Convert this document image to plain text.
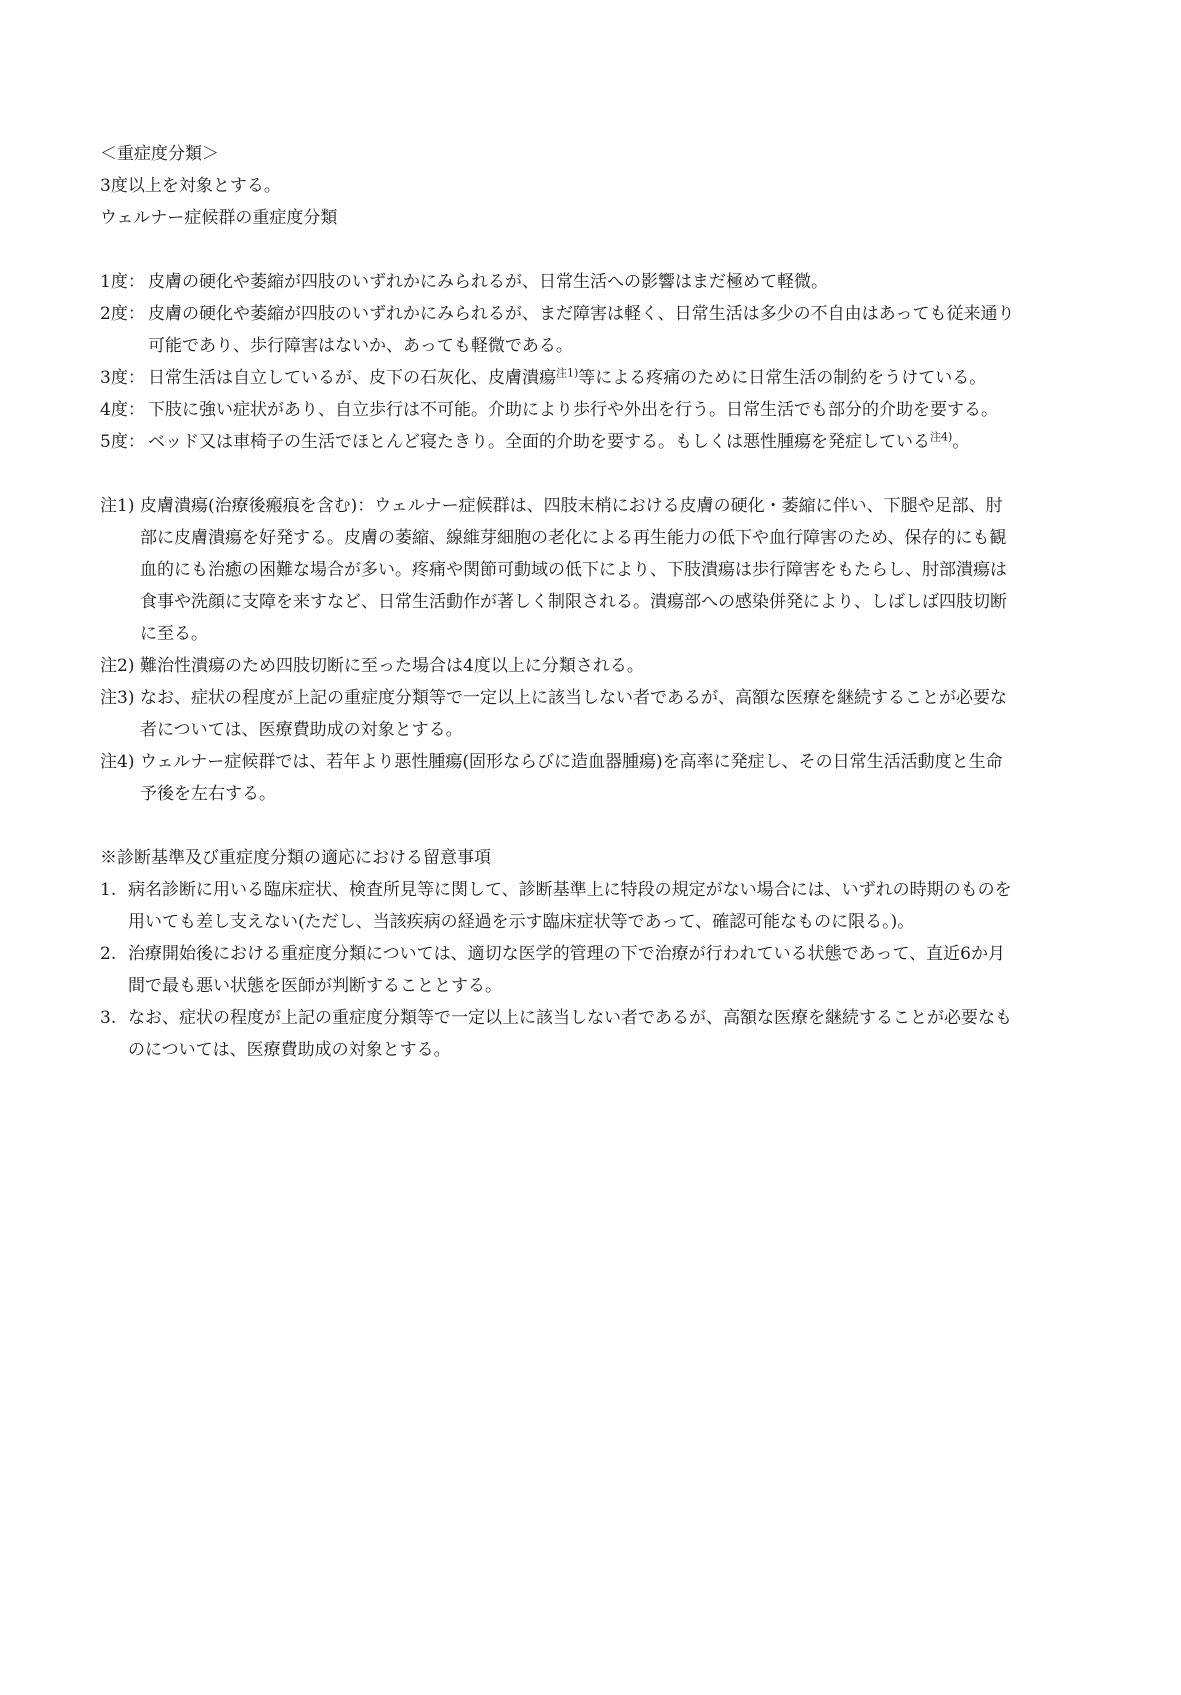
＜重症度分類＞
3度以上を対象とする。
ウェルナー症候群の重症度分類
1度： 皮膚の硬化や萎縮が四肢のいずれかにみられるが、日常生活への影響はまだ極めて軽微。
2度： 皮膚の硬化や萎縮が四肢のいずれかにみられるが、まだ障害は軽く、日常生活は多少の不自由はあっても従来通り可能であり、歩行障害はないか、あっても軽微である。
3度： 日常生活は自立しているが、皮下の石灰化、皮膚潰瘍$^{注1)}$等による疼痛のために日常生活の制約をうけている。
4度： 下肢に強い症状があり、自立歩行は不可能。介助により歩行や外出を行う。日常生活でも部分的介助を要する。
5度： ベッド又は車椅子の生活でほとんど寝たきり。全面的介助を要する。もしくは悪性腫瘍を発症している$^{注4)}$。
注1) 皮膚潰瘍(治療後瘢痕を含む)：ウェルナー症候群は、四肢末梢における皮膚の硬化・萎縮に伴い、下腿や足部、肘部に皮膚潰瘍を好発する。皮膚の萎縮、線維芽細胞の老化による再生能力の低下や血行障害のため、保存的にも観血的にも治癒の困難な場合が多い。疼痛や関節可動域の低下により、下肢潰瘍は歩行障害をもたらし、肘部潰瘍は食事や洗顔に支障を来すなど、日常生活動作が著しく制限される。潰瘍部への感染併発により、しばしば四肢切断に至る。
注2) 難治性潰瘍のため四肢切断に至った場合は4度以上に分類される。
注3) なお、症状の程度が上記の重症度分類等で一定以上に該当しない者であるが、高額な医療を継続することが必要な者については、医療費助成の対象とする。
注4) ウェルナー症候群では、若年より悪性腫瘍(固形ならびに造血器腫瘍)を高率に発症し、その日常生活活動度と生命予後を左右する。
※診断基準及び重症度分類の適応における留意事項
1. 病名診断に用いる臨床症状、検査所見等に関して、診断基準上に特段の規定がない場合には、いずれの時期のものを用いても差し支えない(ただし、当該疾病の経過を示す臨床症状等であって、確認可能なものに限る。)。
2. 治療開始後における重症度分類については、適切な医学的管理の下で治療が行われている状態であって、直近6か月間で最も悪い状態を医師が判断することとする。
3. なお、症状の程度が上記の重症度分類等で一定以上に該当しない者であるが、高額な医療を継続することが必要なものについては、医療費助成の対象とする。
